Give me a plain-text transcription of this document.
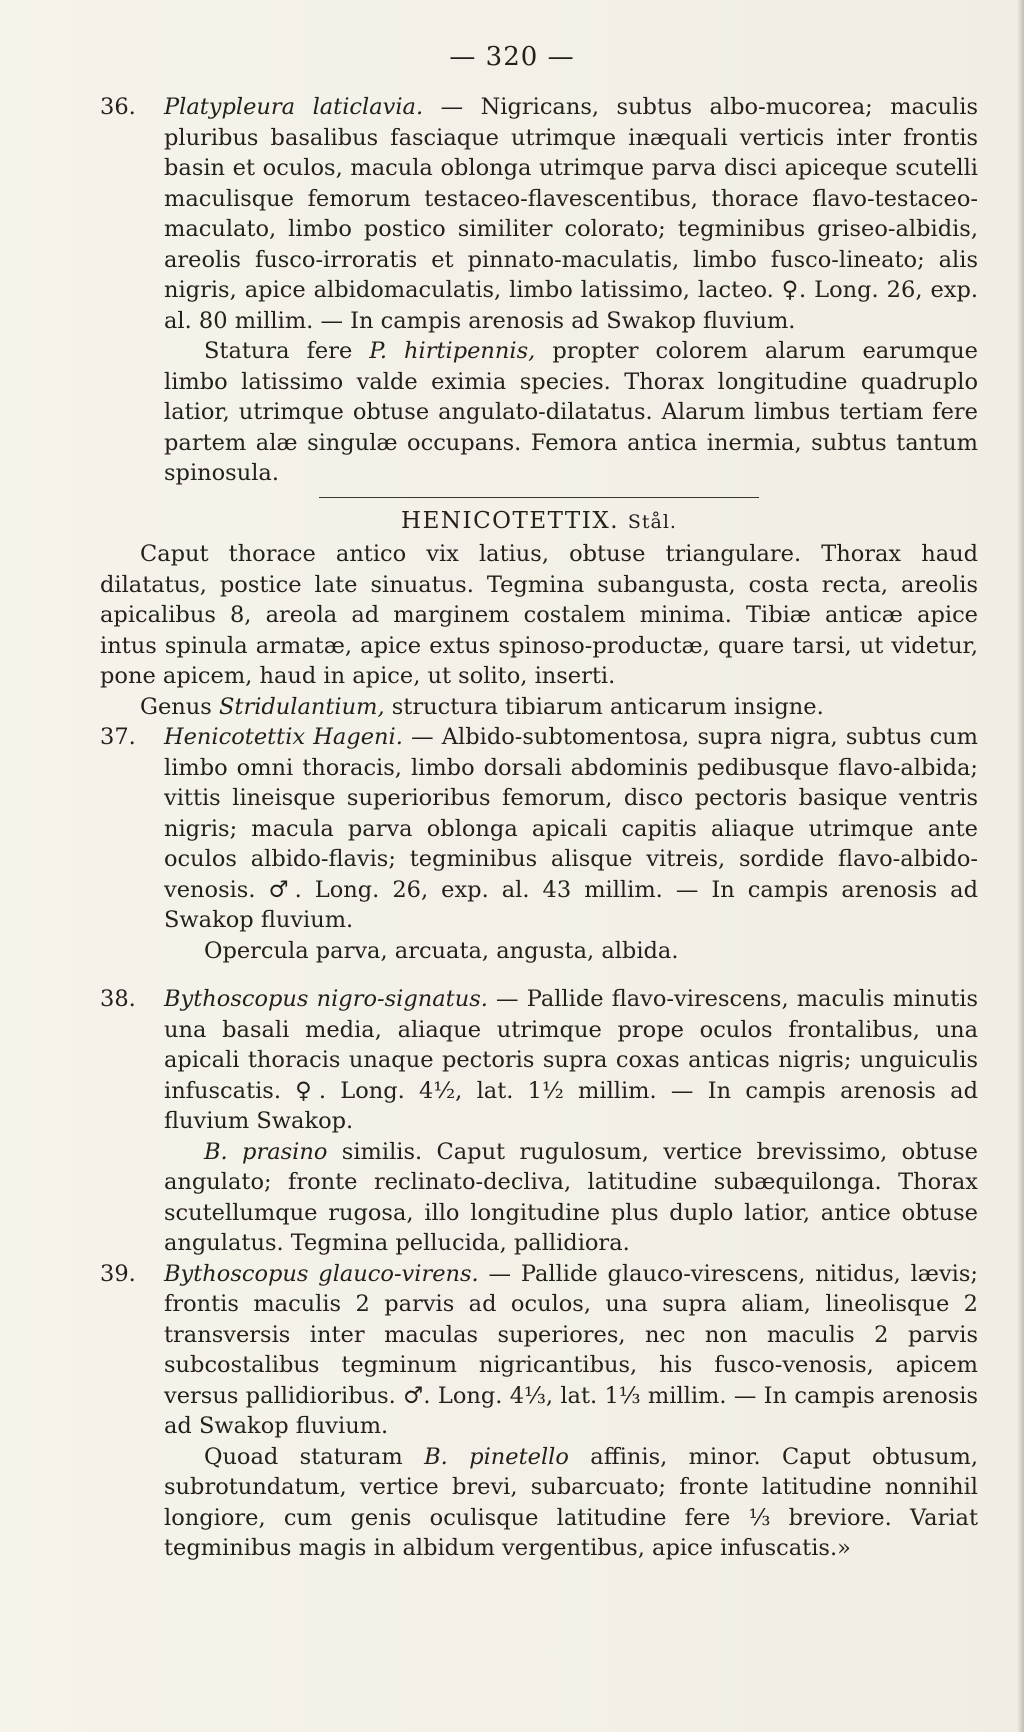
— 320 —
36.	Platypleura laticlavia. — Nigricans, subtus albo-mucorea; maculis pluribus basalibus fasciaque utrimque inæquali verticis inter frontis basin et oculos, macula oblonga utrimque parva disci apiceque scutelli maculisque femorum testaceo-flavescentibus, thorace flavo-testaceo-maculato, limbo postico similiter colorato; tegminibus griseo-albidis, areolis fusco-irroratis et pinnato-maculatis, limbo fusco-lineato; alis nigris, apice albidomaculatis, limbo latissimo, lacteo. ♀. Long. 26, exp. al. 80 millim. — In campis arenosis ad Swakop fluvium.

Statura fere P. hirtipennis, propter colorem alarum earumque limbo latissimo valde eximia species. Thorax longitudine quadruplo latior, utrimque obtuse angulato-dilatatus. Alarum limbus tertiam fere partem alæ singulæ occupans. Femora antica inermia, subtus tantum spinosula.

HENICOTETTIX. Stål.

Caput thorace antico vix latius, obtuse triangulare. Thorax haud dilatatus, postice late sinuatus. Tegmina subangusta, costa recta, areolis apicalibus 8, areola ad marginem costalem minima. Tibiæ anticæ apice intus spinula armatæ, apice extus spinoso-productæ, quare tarsi, ut videtur, pone apicem, haud in apice, ut solito, inserti.

Genus Stridulantium, structura tibiarum anticarum insigne.

37.	Henicotettix Hageni. — Albido-subtomentosa, supra nigra, subtus cum limbo omni thoracis, limbo dorsali abdominis pedibusque flavo-albida; vittis lineisque superioribus femorum, disco pectoris basique ventris nigris; macula parva oblonga apicali capitis aliaque utrimque ante oculos albido-flavis; tegminibus alisque vitreis, sordide flavo-albido-venosis. ♂. Long. 26, exp. al. 43 millim. — In campis arenosis ad Swakop fluvium.

Opercula parva, arcuata, angusta, albida.

38.	Bythoscopus nigro-signatus. — Pallide flavo-virescens, maculis minutis una basali media, aliaque utrimque prope oculos frontalibus, una apicali thoracis unaque pectoris supra coxas anticas nigris; unguiculis infuscatis. ♀. Long. 4½, lat. 1½ millim. — In campis arenosis ad fluvium Swakop.

B. prasino similis. Caput rugulosum, vertice brevissimo, obtuse angulato; fronte reclinato-decliva, latitudine subæquilonga. Thorax scutellumque rugosa, illo longitudine plus duplo latior, antice obtuse angulatus. Tegmina pellucida, pallidiora.

39.	Bythoscopus glauco-virens. — Pallide glauco-virescens, nitidus, lævis; frontis maculis 2 parvis ad oculos, una supra aliam, lineolisque 2 transversis inter maculas superiores, nec non maculis 2 parvis subcostalibus tegminum nigricantibus, his fusco-venosis, apicem versus pallidioribus. ♂. Long. 4⅓, lat. 1⅓ millim. — In campis arenosis ad Swakop fluvium.

Quoad staturam B. pinetello affinis, minor. Caput obtusum, subrotundatum, vertice brevi, subarcuato; fronte latitudine nonnihil longiore, cum genis oculisque latitudine fere ⅓ breviore. Variat tegminibus magis in albidum vergentibus, apice infuscatis.»
